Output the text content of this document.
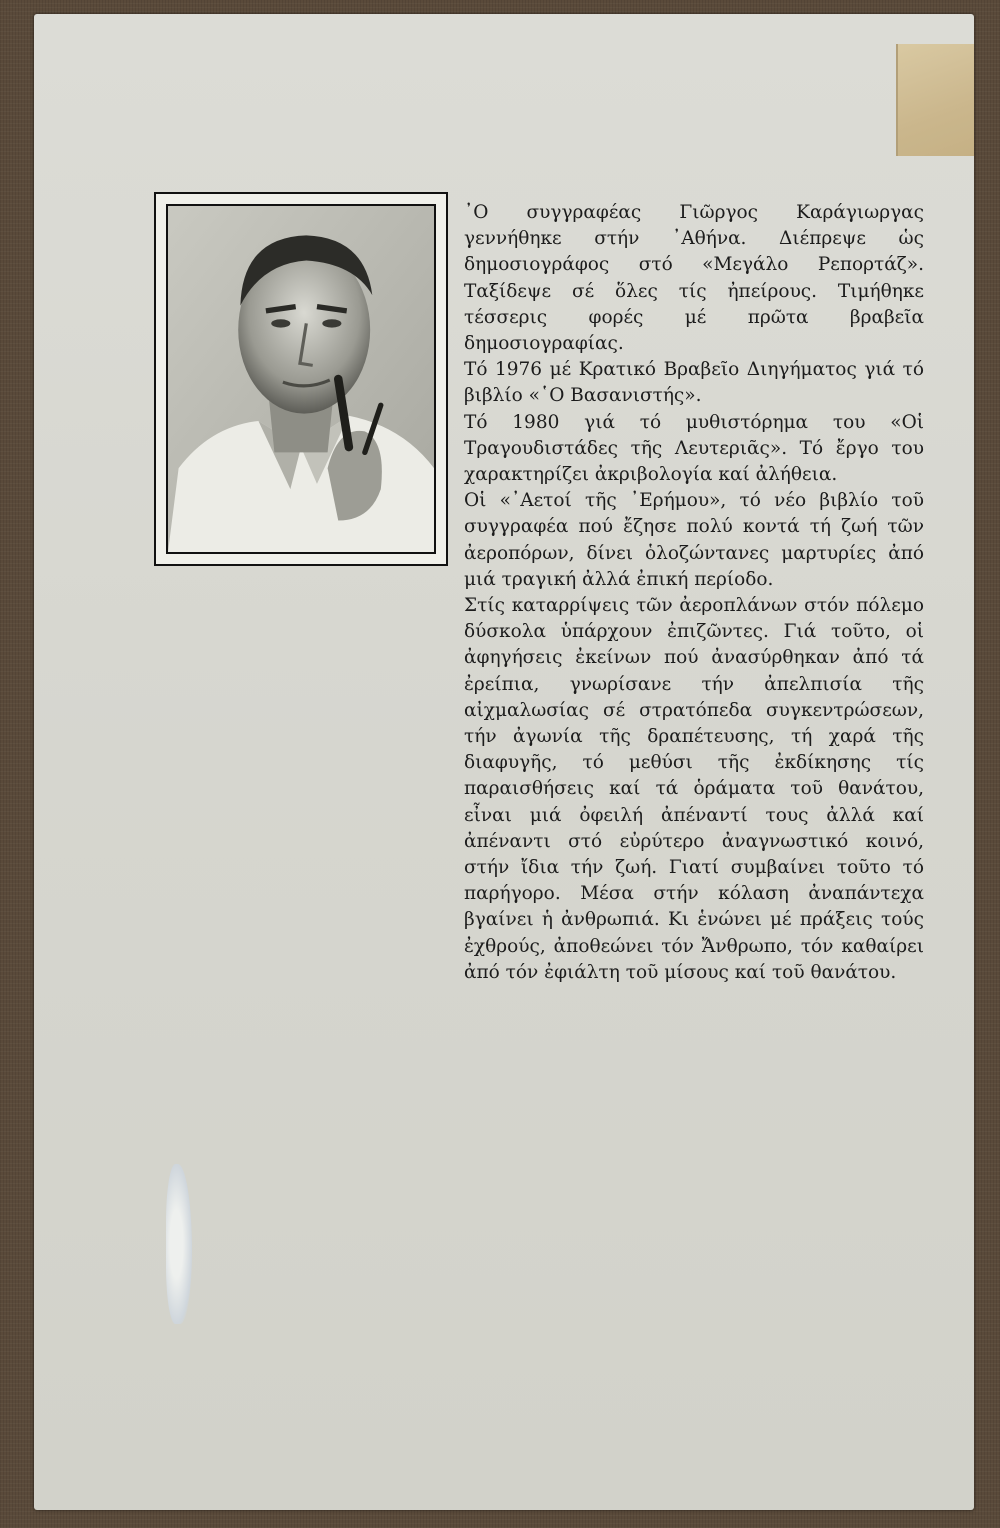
᾿Ο συγγραφέας Γιῶργος Καράγιωργας γεννήθηκε στήν ᾿Αθήνα. Διέπρεψε ὡς δημοσιογράφος στό «Μεγάλο Ρεπορτάζ». Ταξίδεψε σέ ὅλες τίς ἠπείρους. Τιμήθηκε τέσσερις φορές μέ πρῶτα βραβεῖα δημοσιογραφίας.

Τό 1976 μέ Κρατικό Βραβεῖο Διηγήματος γιά τό βιβλίο «῾Ο Βασανιστής».

Τό 1980 γιά τό μυθιστόρημα του «Οἱ Τραγουδιστάδες τῆς Λευτεριᾶς». Τό ἔργο του χαρακτηρίζει ἀκριβολογία καί ἀλήθεια.

Οἱ «᾿Αετοί τῆς ᾿Ερήμου», τό νέο βιβλίο τοῦ συγγραφέα πού ἔζησε πολύ κοντά τή ζωή τῶν ἀεροπόρων, δίνει ὁλοζώντανες μαρτυρίες ἀπό μιά τραγική ἀλλά ἐπική περίοδο.

Στίς καταρρίψεις τῶν ἀεροπλάνων στόν πόλεμο δύσκολα ὑπάρχουν ἐπιζῶντες. Γιά τοῦτο, οἱ ἀφηγήσεις ἐκείνων πού ἀνασύρθηκαν ἀπό τά ἐρείπια, γνωρίσανε τήν ἀπελπισία τῆς αἰχμαλωσίας σέ στρατόπεδα συγκεντρώσεων, τήν ἀγωνία τῆς δραπέτευσης, τή χαρά τῆς διαφυγῆς, τό μεθύσι τῆς ἐκδίκησης τίς παραισθήσεις καί τά ὁράματα τοῦ θανάτου, εἶναι μιά ὀφειλή ἀπέναντί τους ἀλλά καί ἀπέναντι στό εὐρύτερο ἀναγνωστικό κοινό, στήν ἴδια τήν ζωή. Γιατί συμβαίνει τοῦτο τό παρήγορο. Μέσα στήν κόλαση ἀναπάντεχα βγαίνει ἡ ἀνθρωπιά. Κι ἑνώνει μέ πράξεις τούς ἐχθρούς, ἀποθεώνει τόν Ἄνθρωπο, τόν καθαίρει ἀπό τόν ἐφιάλτη τοῦ μίσους καί τοῦ θανάτου.
